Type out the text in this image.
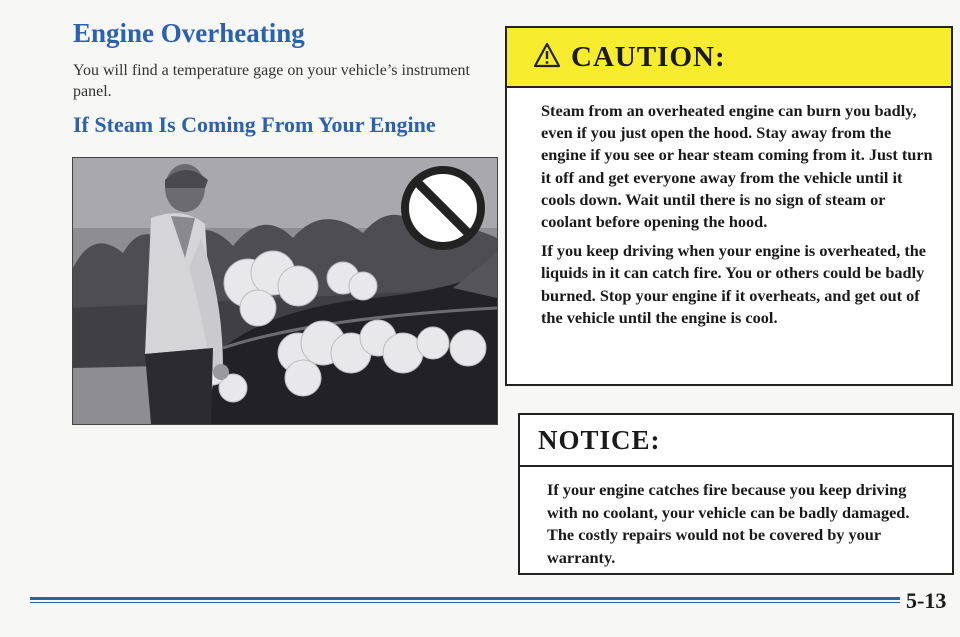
Engine Overheating
You will find a temperature gage on your vehicle’s instrument panel.
If Steam Is Coming From Your Engine
CAUTION:

Steam from an overheated engine can burn you badly, even if you just open the hood. Stay away from the engine if you see or hear steam coming from it. Just turn it off and get everyone away from the vehicle until it cools down. Wait until there is no sign of steam or coolant before opening the hood.

If you keep driving when your engine is overheated, the liquids in it can catch fire. You or others could be badly burned. Stop your engine if it overheats, and get out of the vehicle until the engine is cool.

NOTICE:
If your engine catches fire because you keep driving with no coolant, your vehicle can be badly damaged. The costly repairs would not be covered by your warranty.
5-13
